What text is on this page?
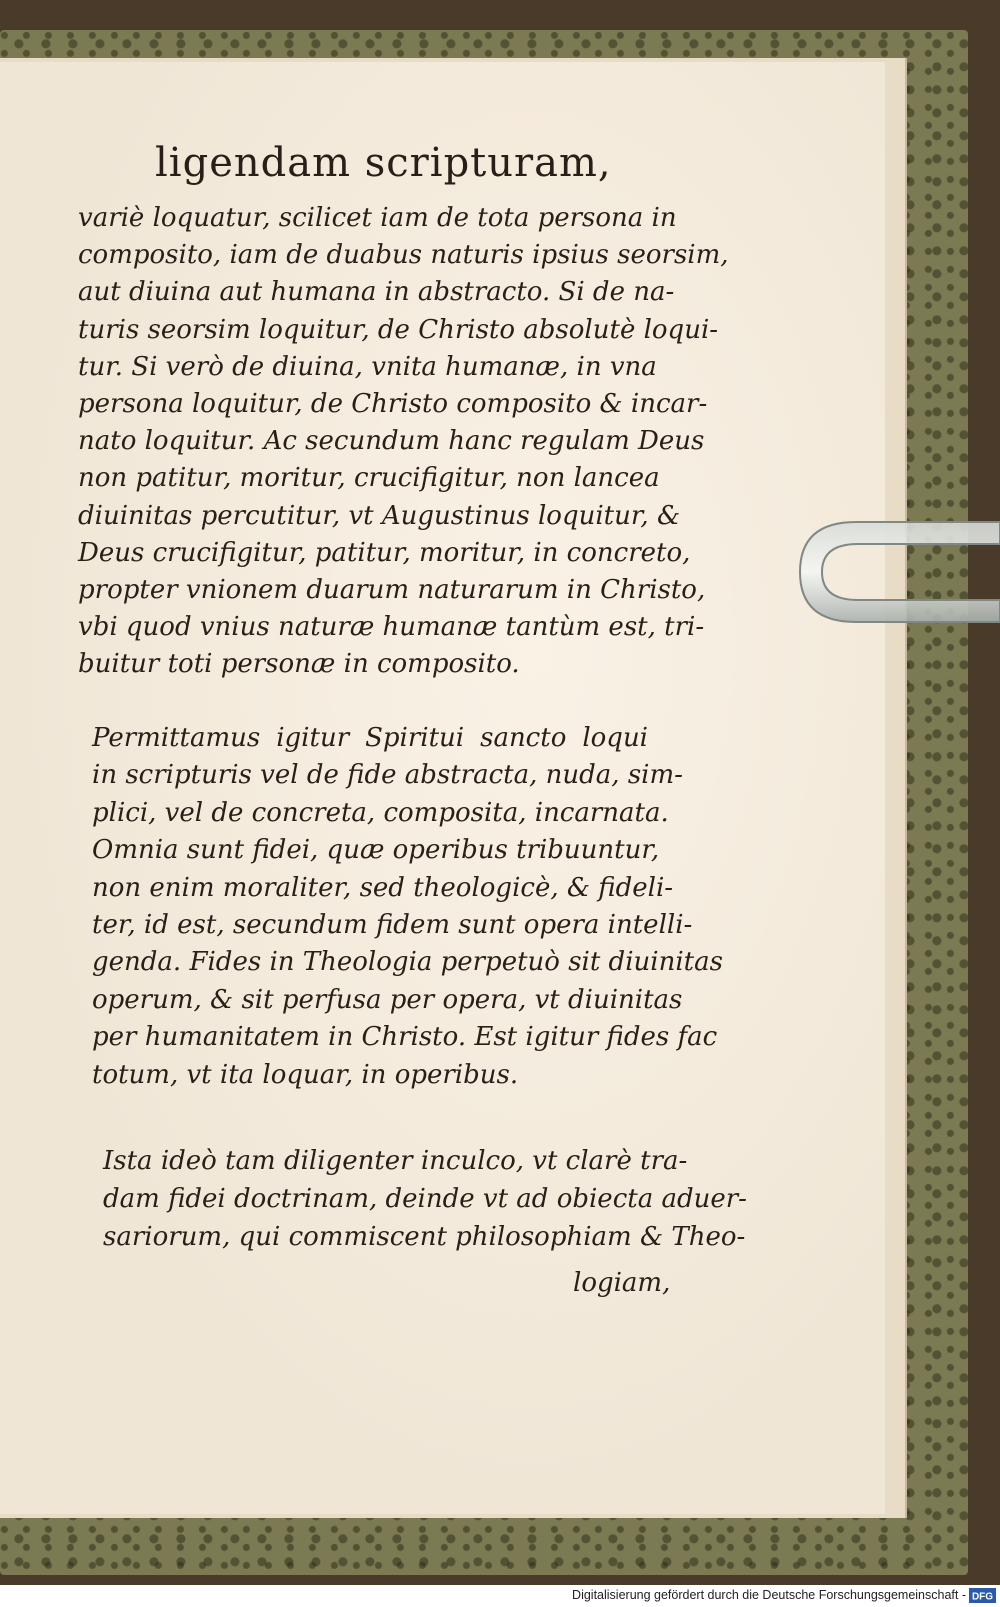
ligendam scripturam,
variè loquatur, scilicet iam de tota persona in
composito, iam de duabus naturis ipsius seorsim,
aut diuina aut humana in abstracto. Si de na-
turis seorsim loquitur, de Christo absolutè loqui-
tur. Si verò de diuina, vnita humanæ, in vna
persona loquitur, de Christo composito & incar-
nato loquitur. Ac secundum hanc regulam Deus
non patitur, moritur, crucifigitur, non lancea
diuinitas percutitur, vt Augustinus loquitur, &
Deus crucifigitur, patitur, moritur, in concreto,
propter vnionem duarum naturarum in Christo,
vbi quod vnius naturæ humanæ tantùm est, tri-
buitur toti personæ in composito.
Permittamus igitur Spiritui sancto loqui
in scripturis vel de fide abstracta, nuda, sim-
plici, vel de concreta, composita, incarnata.
Omnia sunt fidei, quæ operibus tribuuntur,
non enim moraliter, sed theologicè, & fideli-
ter, id est, secundum fidem sunt opera intelli-
genda. Fides in Theologia perpetuò sit diuinitas
operum, & sit perfusa per opera, vt diuinitas
per humanitatem in Christo. Est igitur fides fac
totum, vt ita loquar, in operibus.
Ista ideò tam diligenter inculco, vt clarè tra-
dam fidei doctrinam, deinde vt ad obiecta aduer-
sariorum, qui commiscent philosophiam & Theo-
logiam,
Digitalisierung gefördert durch die Deutsche Forschungsgemeinschaft - DFG
